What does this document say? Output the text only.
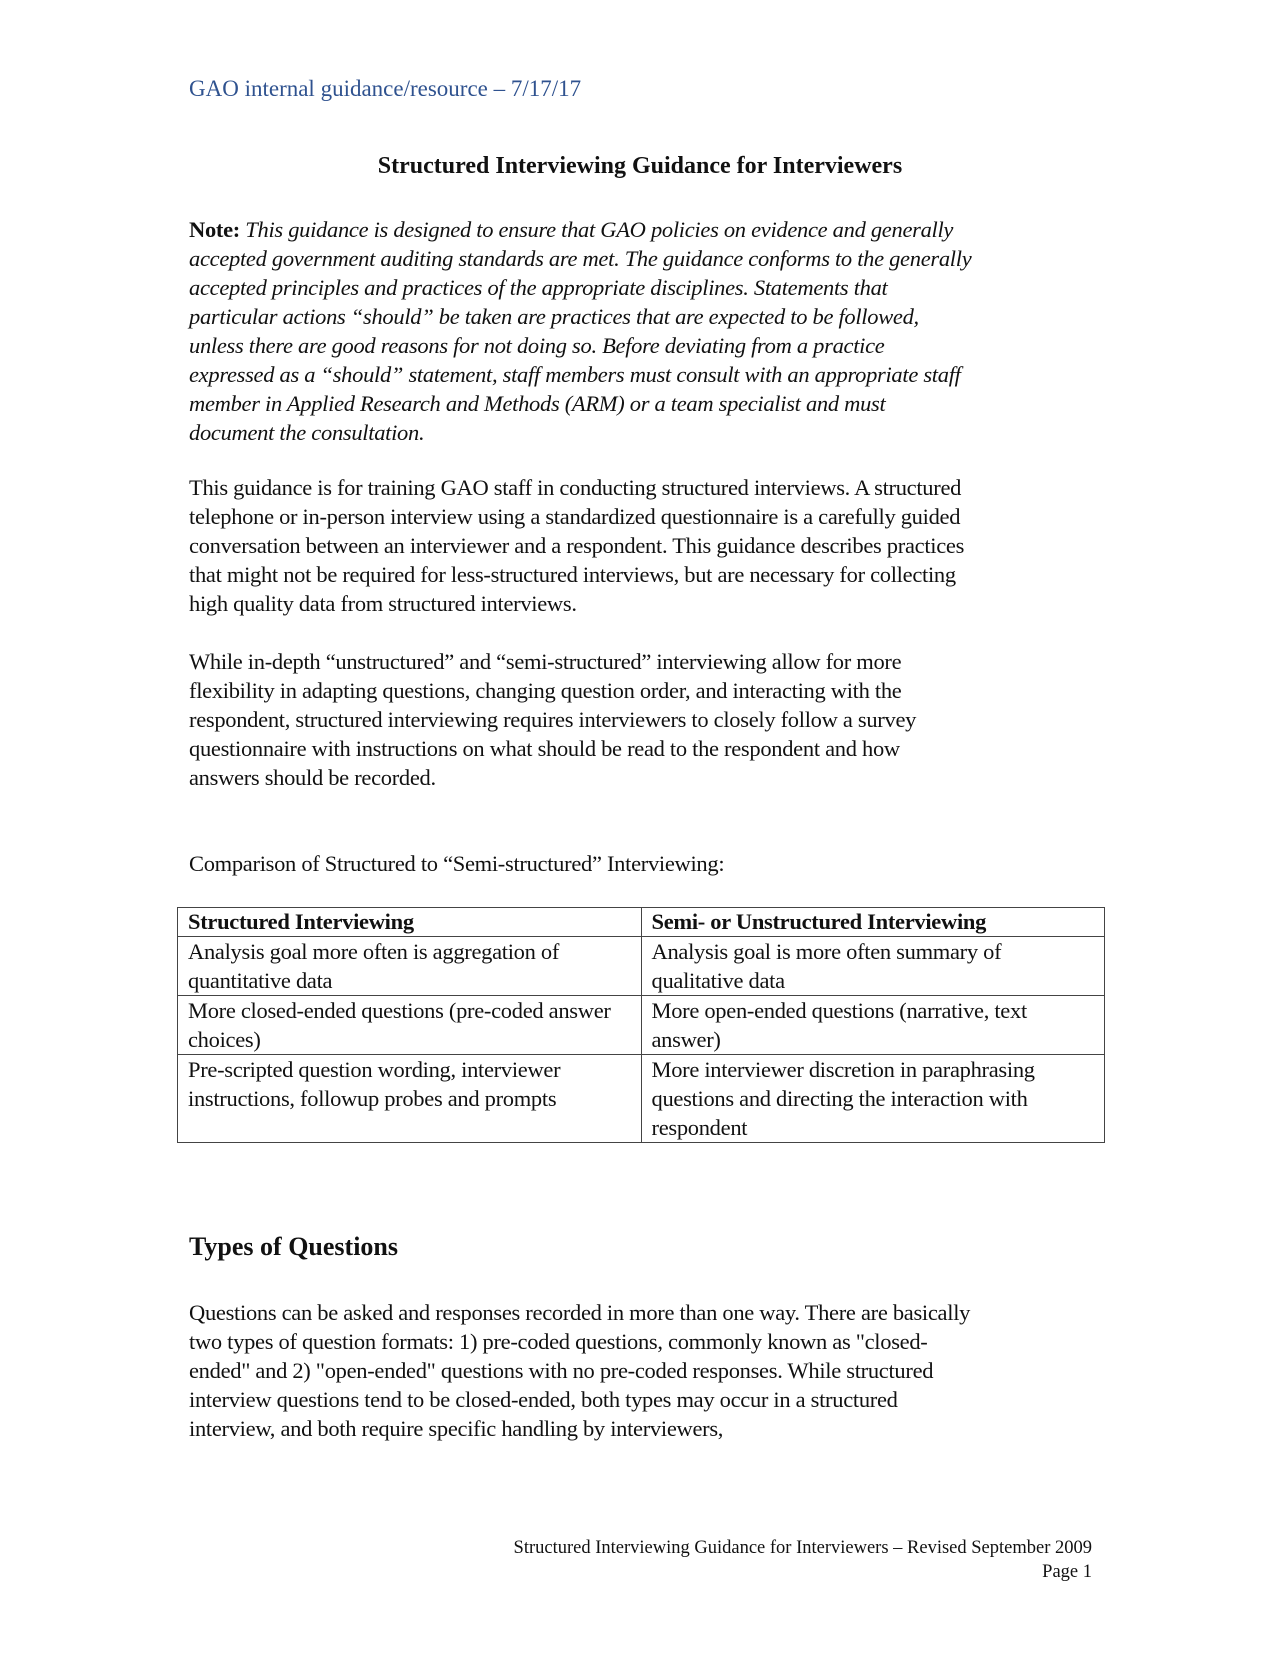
GAO internal guidance/resource – 7/17/17
Structured Interviewing Guidance for Interviewers
Note: This guidance is designed to ensure that GAO policies on evidence and generally
accepted government auditing standards are met. The guidance conforms to the generally
accepted principles and practices of the appropriate disciplines. Statements that
particular actions “should” be taken are practices that are expected to be followed,
unless there are good reasons for not doing so. Before deviating from a practice
expressed as a “should” statement, staff members must consult with an appropriate staff
member in Applied Research and Methods (ARM) or a team specialist and must
document the consultation.
This guidance is for training GAO staff in conducting structured interviews. A structured
telephone or in-person interview using a standardized questionnaire is a carefully guided
conversation between an interviewer and a respondent. This guidance describes practices
that might not be required for less-structured interviews, but are necessary for collecting
high quality data from structured interviews.
While in-depth “unstructured” and “semi-structured” interviewing allow for more
flexibility in adapting questions, changing question order, and interacting with the
respondent, structured interviewing requires interviewers to closely follow a survey
questionnaire with instructions on what should be read to the respondent and how
answers should be recorded.
Comparison of Structured to “Semi-structured” Interviewing:
Structured Interviewing	Semi- or Unstructured Interviewing
Analysis goal more often is aggregation of quantitative data	Analysis goal is more often summary of qualitative data
More closed-ended questions (pre-coded answer choices)	More open-ended questions (narrative, text answer)
Pre-scripted question wording, interviewer instructions, followup probes and prompts	More interviewer discretion in paraphrasing questions and directing the interaction with respondent
Types of Questions
Questions can be asked and responses recorded in more than one way. There are basically
two types of question formats: 1) pre-coded questions, commonly known as "closed-
ended" and 2) "open-ended" questions with no pre-coded responses. While structured
interview questions tend to be closed-ended, both types may occur in a structured
interview, and both require specific handling by interviewers,
Structured Interviewing Guidance for Interviewers – Revised September 2009
Page 1
